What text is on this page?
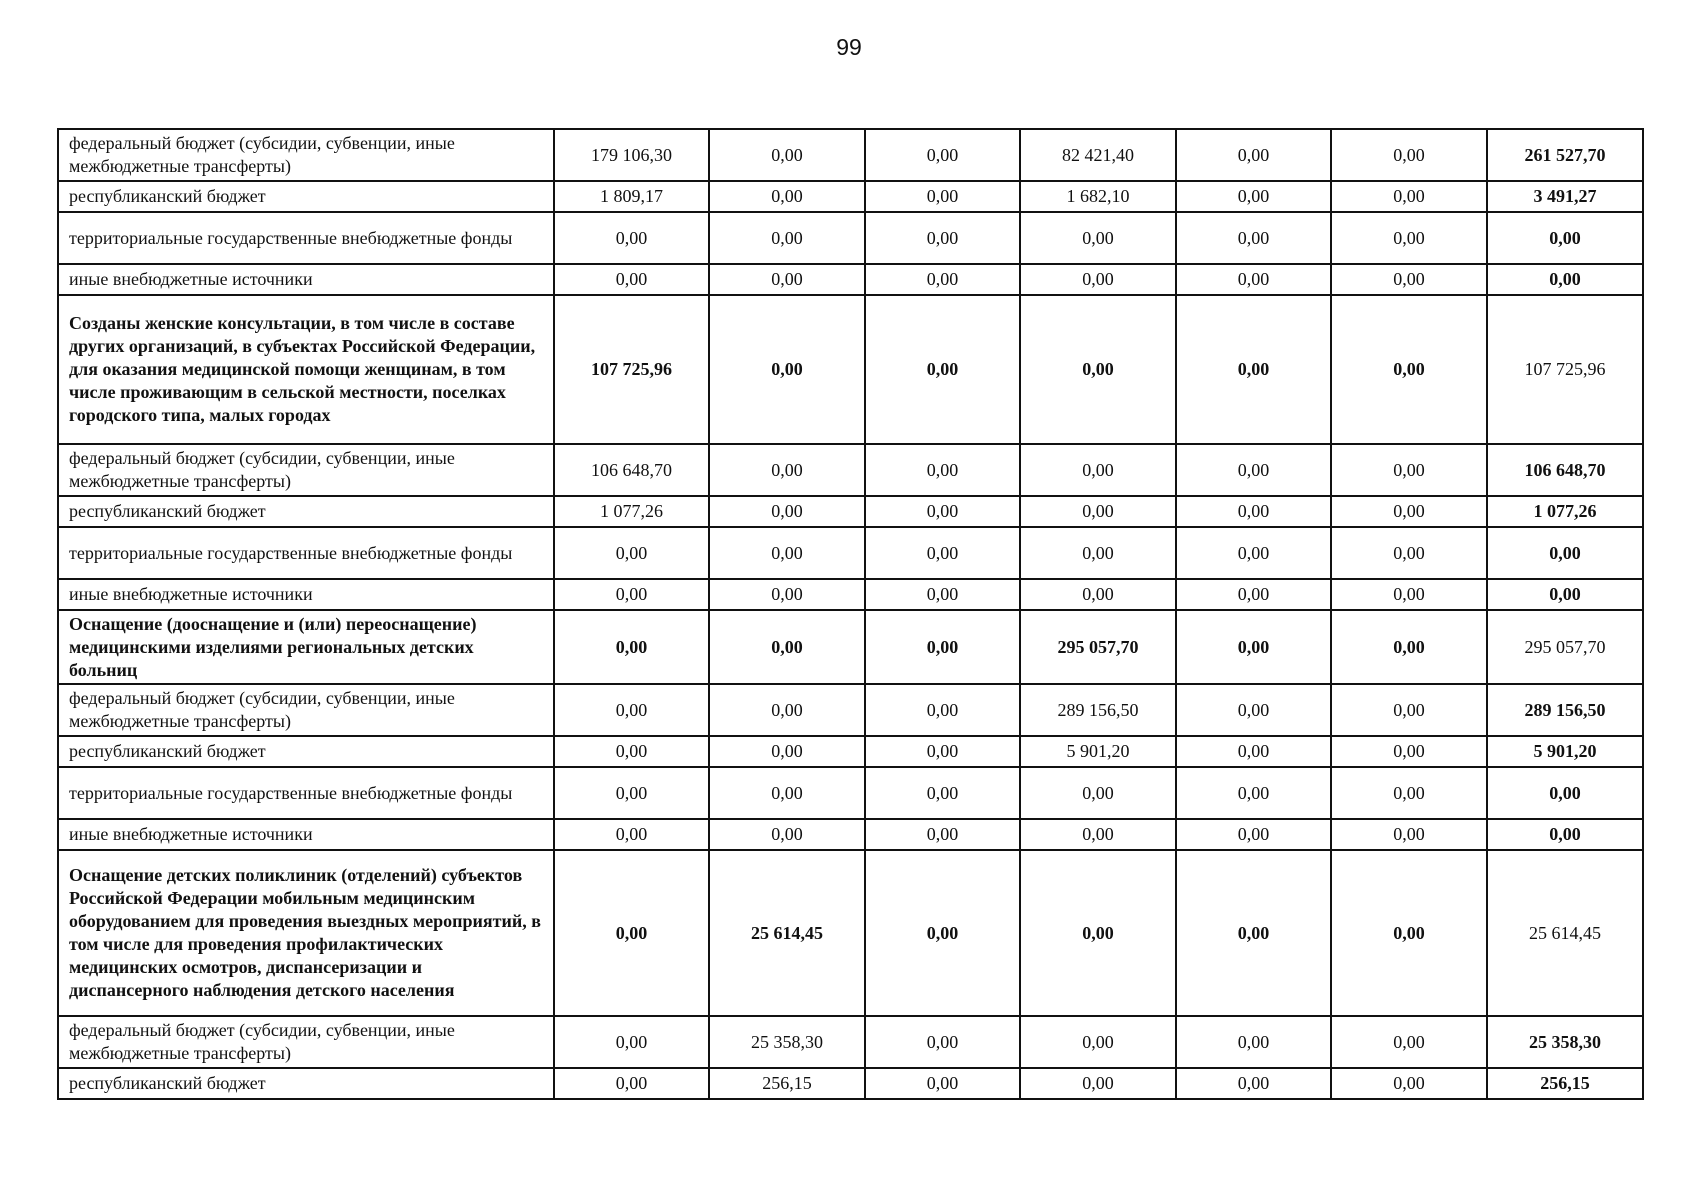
99
федеральный бюджет (субсидии, субвенции, иные межбюджетные трансферты)	179 106,30	0,00	0,00	82 421,40	0,00	0,00	261 527,70
республиканский бюджет	1 809,17	0,00	0,00	1 682,10	0,00	0,00	3 491,27
территориальные государственные внебюджетные фонды	0,00	0,00	0,00	0,00	0,00	0,00	0,00
иные внебюджетные источники	0,00	0,00	0,00	0,00	0,00	0,00	0,00
Созданы женские консультации, в том числе в составе других организаций, в субъектах Российской Федерации, для оказания медицинской помощи женщинам, в том числе проживающим в сельской местности, поселках городского типа, малых городах	107 725,96	0,00	0,00	0,00	0,00	0,00	107 725,96
федеральный бюджет (субсидии, субвенции, иные межбюджетные трансферты)	106 648,70	0,00	0,00	0,00	0,00	0,00	106 648,70
республиканский бюджет	1 077,26	0,00	0,00	0,00	0,00	0,00	1 077,26
территориальные государственные внебюджетные фонды	0,00	0,00	0,00	0,00	0,00	0,00	0,00
иные внебюджетные источники	0,00	0,00	0,00	0,00	0,00	0,00	0,00
Оснащение (дооснащение и (или) переоснащение) медицинскими изделиями региональных детских больниц	0,00	0,00	0,00	295 057,70	0,00	0,00	295 057,70
федеральный бюджет (субсидии, субвенции, иные межбюджетные трансферты)	0,00	0,00	0,00	289 156,50	0,00	0,00	289 156,50
республиканский бюджет	0,00	0,00	0,00	5 901,20	0,00	0,00	5 901,20
территориальные государственные внебюджетные фонды	0,00	0,00	0,00	0,00	0,00	0,00	0,00
иные внебюджетные источники	0,00	0,00	0,00	0,00	0,00	0,00	0,00
Оснащение детских поликлиник (отделений) субъектов Российской Федерации мобильным медицинским оборудованием для проведения выездных мероприятий, в том числе для проведения профилактических медицинских осмотров, диспансеризации и диспансерного наблюдения детского населения	0,00	25 614,45	0,00	0,00	0,00	0,00	25 614,45
федеральный бюджет (субсидии, субвенции, иные межбюджетные трансферты)	0,00	25 358,30	0,00	0,00	0,00	0,00	25 358,30
республиканский бюджет	0,00	256,15	0,00	0,00	0,00	0,00	256,15
